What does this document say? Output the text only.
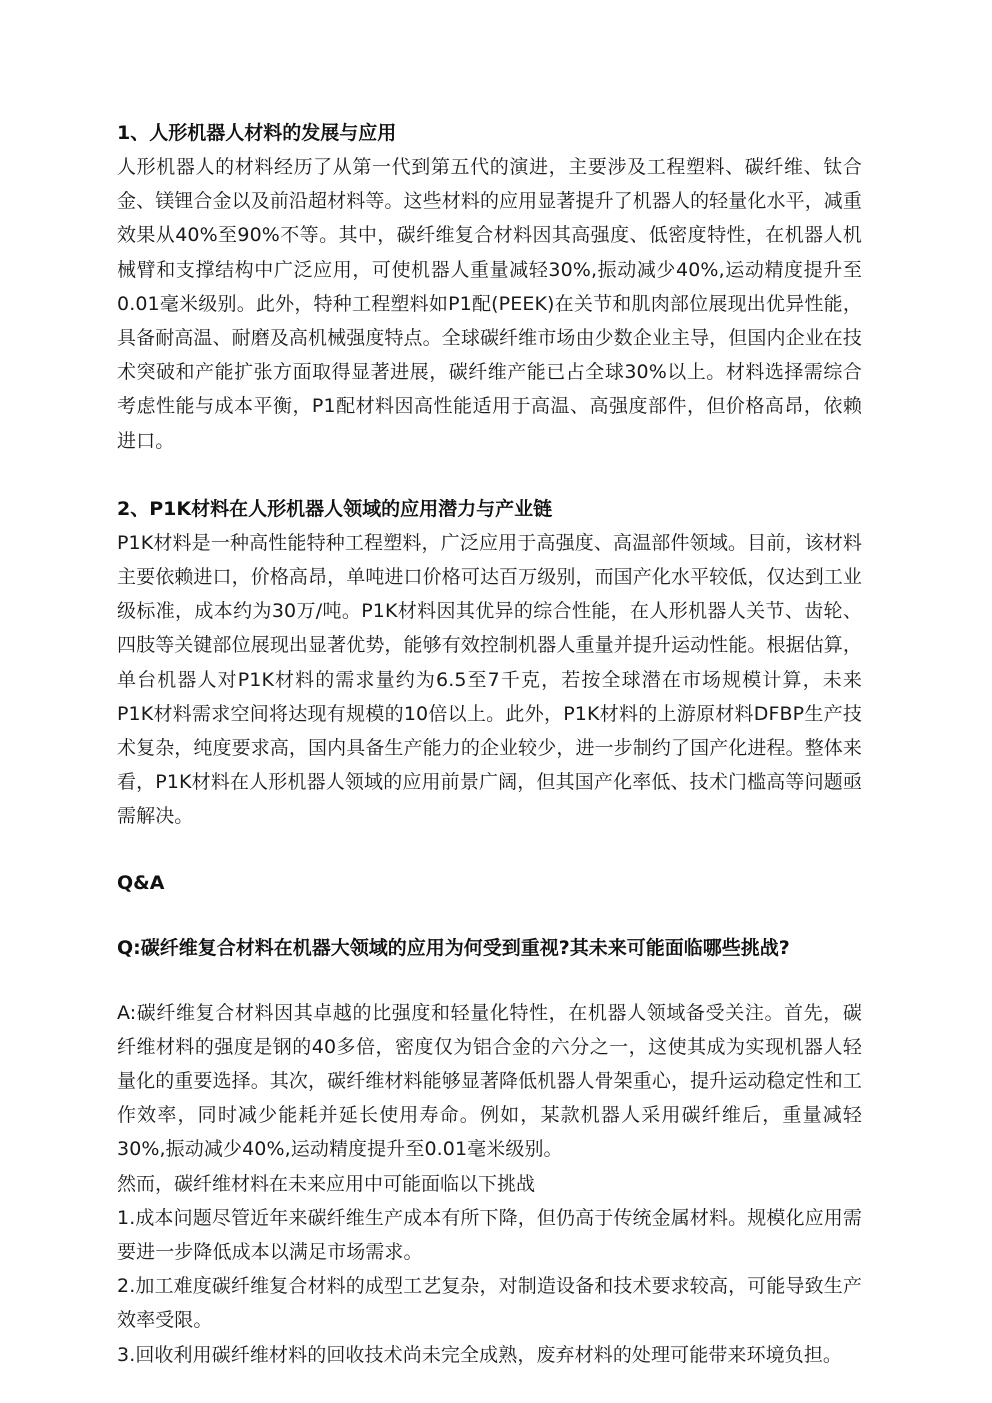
1、人形机器人材料的发展与应用

人形机器人的材料经历了从第一代到第五代的演进，主要涉及工程塑料、碳纤维、钛合金、镁锂合金以及前沿超材料等。这些材料的应用显著提升了机器人的轻量化水平，减重效果从40%至90%不等。其中，碳纤维复合材料因其高强度、低密度特性，在机器人机械臂和支撑结构中广泛应用，可使机器人重量减轻30%,振动减少40%,运动精度提升至0.01毫米级别。此外，特种工程塑料如P1配(PEEK)在关节和肌肉部位展现出优异性能，具备耐高温、耐磨及高机械强度特点。全球碳纤维市场由少数企业主导，但国内企业在技术突破和产能扩张方面取得显著进展，碳纤维产能已占全球30%以上。材料选择需综合考虑性能与成本平衡，P1配材料因高性能适用于高温、高强度部件，但价格高昂，依赖进口。

2、P1K材料在人形机器人领域的应用潜力与产业链

P1K材料是一种高性能特种工程塑料，广泛应用于高强度、高温部件领域。目前，该材料主要依赖进口，价格高昂，单吨进口价格可达百万级别，而国产化水平较低，仅达到工业级标准，成本约为30万/吨。P1K材料因其优异的综合性能，在人形机器人关节、齿轮、四肢等关键部位展现出显著优势，能够有效控制机器人重量并提升运动性能。根据估算，单台机器人对P1K材料的需求量约为6.5至7千克，若按全球潜在市场规模计算，未来P1K材料需求空间将达现有规模的10倍以上。此外，P1K材料的上游原材料DFBP生产技术复杂，纯度要求高，国内具备生产能力的企业较少，进一步制约了国产化进程。整体来看，P1K材料在人形机器人领域的应用前景广阔，但其国产化率低、技术门槛高等问题亟需解决。

Q&A
Q:碳纤维复合材料在机器大领域的应用为何受到重视?其未来可能面临哪些挑战?

A:碳纤维复合材料因其卓越的比强度和轻量化特性，在机器人领域备受关注。首先，碳纤维材料的强度是钢的40多倍，密度仅为铝合金的六分之一，这使其成为实现机器人轻量化的重要选择。其次，碳纤维材料能够显著降低机器人骨架重心，提升运动稳定性和工作效率，同时减少能耗并延长使用寿命。例如，某款机器人采用碳纤维后，重量减轻30%,振动减少40%,运动精度提升至0.01毫米级别。

然而，碳纤维材料在未来应用中可能面临以下挑战

1.成本问题尽管近年来碳纤维生产成本有所下降，但仍高于传统金属材料。规模化应用需要进一步降低成本以满足市场需求。

2.加工难度碳纤维复合材料的成型工艺复杂，对制造设备和技术要求较高，可能导致生产效率受限。

3.回收利用碳纤维材料的回收技术尚未完全成熟，废弃材料的处理可能带来环境负担。
